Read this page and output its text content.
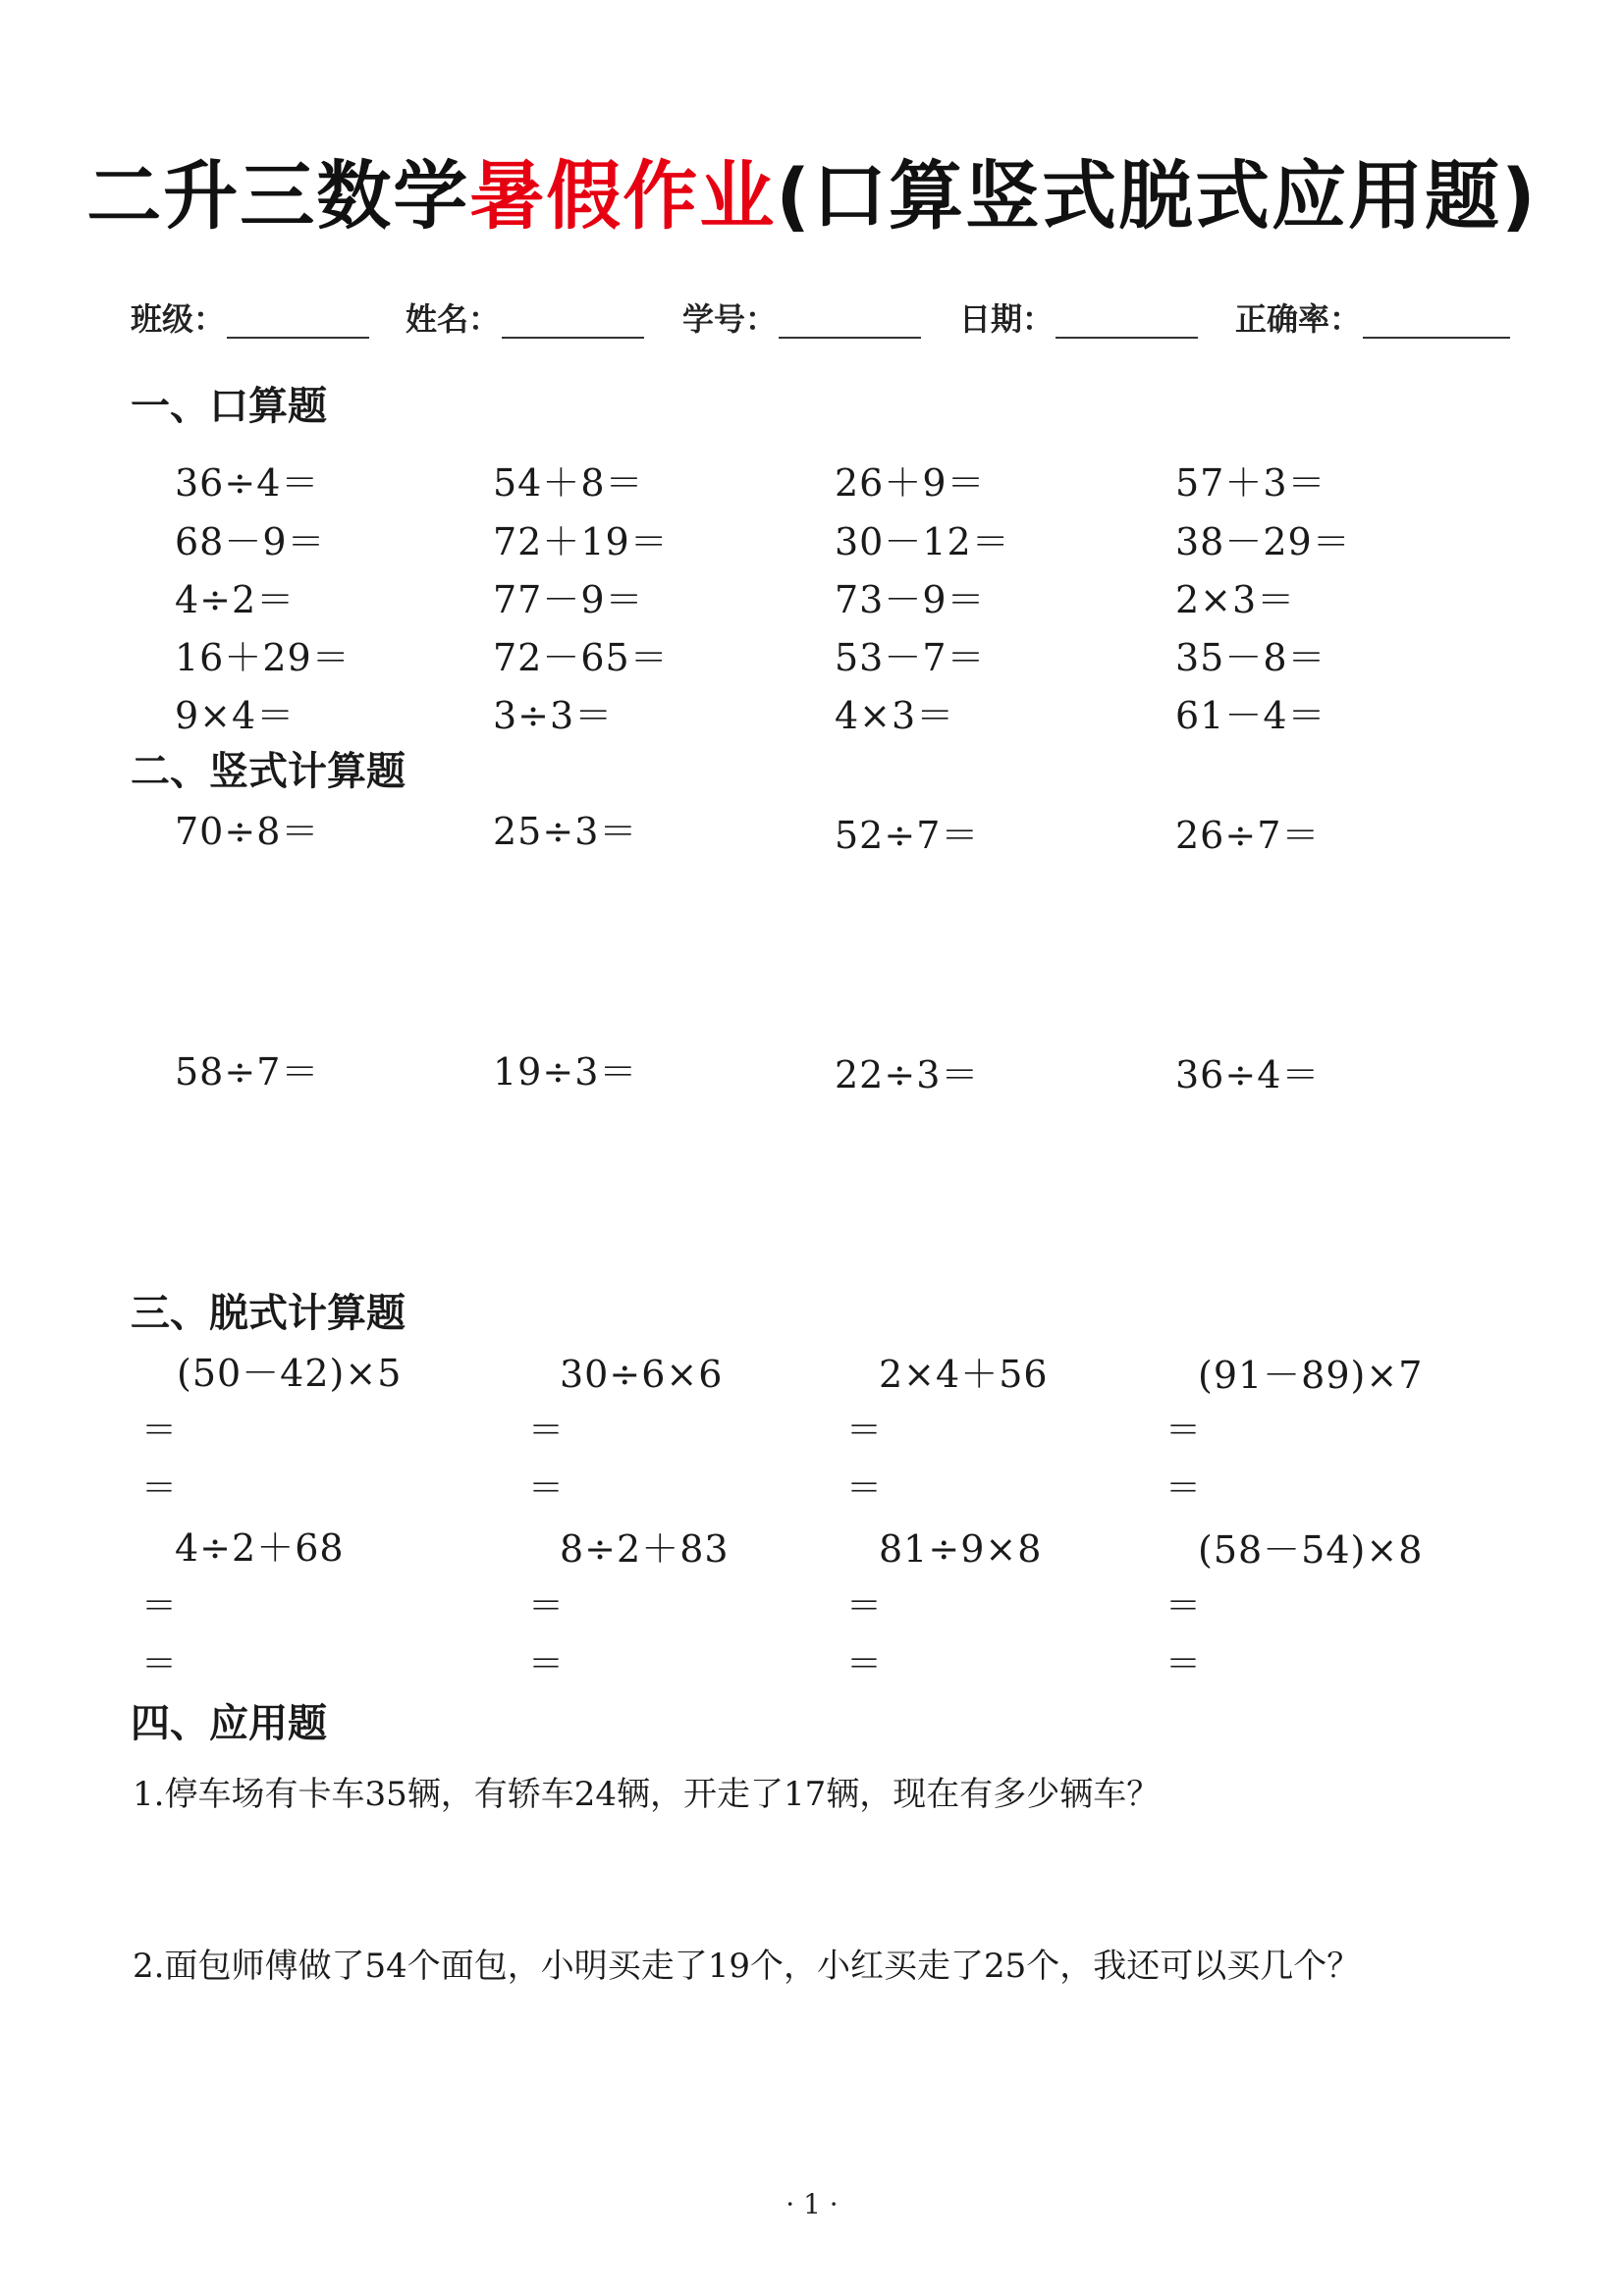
二升三数学暑假作业(口算竖式脱式应用题)
班级：	姓名：	学号：	日期：	正确率：
一、口算题
36÷4＝	54＋8＝	26＋9＝	57＋3＝
68－9＝	72＋19＝	30－12＝	38－29＝
4÷2＝	77－9＝	73－9＝	2×3＝
16＋29＝	72－65＝	53－7＝	35－8＝
9×4＝	3÷3＝	4×3＝	61－4＝
二、竖式计算题
70÷8＝	25÷3＝	52÷7＝	26÷7＝
58÷7＝	19÷3＝	22÷3＝	36÷4＝
三、脱式计算题
(50－42)×5	30÷6×6	2×4＋56	(91－89)×7
＝	＝	＝	＝
＝	＝	＝	＝
4÷2＋68	8÷2＋83	81÷9×8	(58－54)×8
＝	＝	＝	＝
＝	＝	＝	＝
四、应用题
1.停车场有卡车35辆，有轿车24辆，开走了17辆，现在有多少辆车？
2.面包师傅做了54个面包，小明买走了19个，小红买走了25个，我还可以买几个？
· 1 ·
